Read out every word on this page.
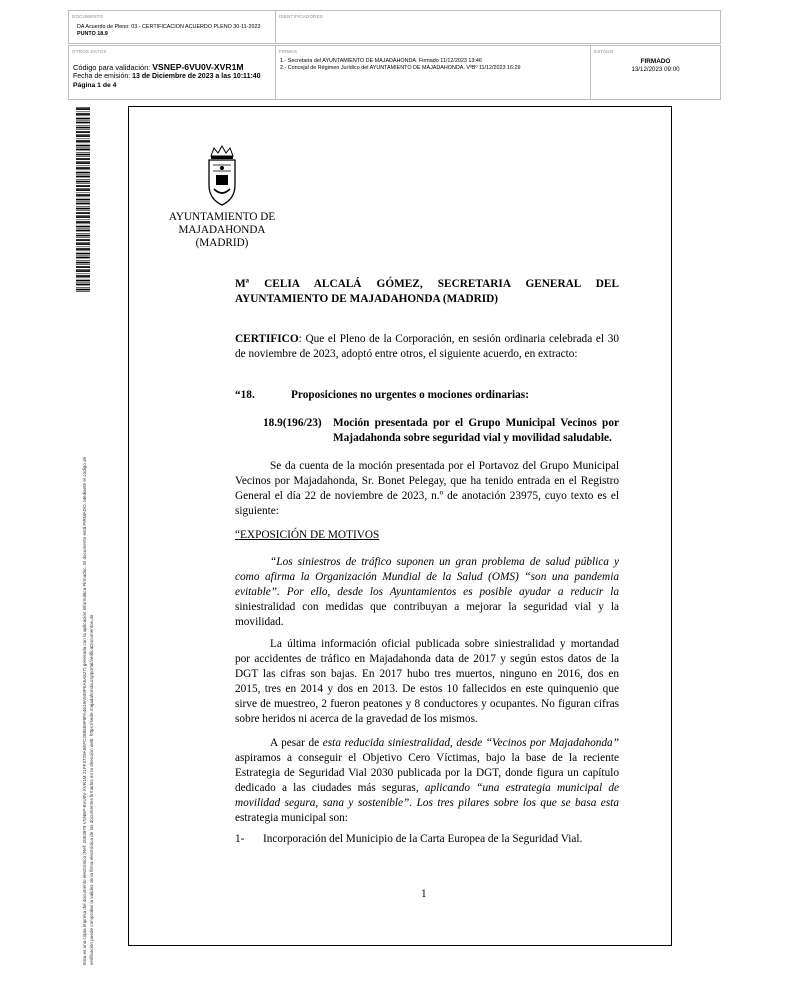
DOCUMENTO
DA Acuerdo de Pleno: 03.- CERTIFICACION ACUERDO PLENO 30-11-2023
PUNTO 18.9
IDENTIFICADORES
OTROS DATOS
Código para validación: VSNEP-6VU0V-XVR1M
Fecha de emisión: 13 de Diciembre de 2023 a las 10:11:40
Página 1 de 4
FIRMAS
1.- Secretaria del AYUNTAMIENTO DE MAJADAHONDA. Firmado 11/12/2023 13:46
2.- Concejal de Régimen Jurídico del AYUNTAMIENTO DE MAJADAHONDA. VºBº 11/12/2023 16:29
ESTADO
FIRMADO
13/12/2023 09:00
Esta es una copia impresa del documento electrónico (Ref: 2053979 VSNEP-6VU0V-XVR1M 21FF3729A5EFC288559F9FA4619A539FEA5A527) generada con la aplicación informática Firmadoc. El documento está FIRMADO. Mediante el código de verificación puede comprobar la validez de la firma electrónica de los documentos firmados en la dirección web: https://sede.majadahonda.org/portal/verificaDocumentos.do
AYUNTAMIENTO DE
MAJADAHONDA
(MADRID)
Mª CELIA ALCALÁ GÓMEZ, SECRETARIA GENERAL DEL
AYUNTAMIENTO DE MAJADAHONDA (MADRID)
CERTIFICO: Que el Pleno de la Corporación, en sesión ordinaria celebrada el 30
de noviembre de 2023, adoptó entre otros, el siguiente acuerdo, en extracto:
“18.	Proposiciones no urgentes o mociones ordinarias:
18.9(196/23) Moción presentada por el Grupo Municipal Vecinos por
Majadahonda sobre seguridad vial y movilidad saludable.
Se da cuenta de la moción presentada por el Portavoz del Grupo Municipal
Vecinos por Majadahonda, Sr. Bonet Pelegay, que ha tenido entrada en el Registro
General el día 22 de noviembre de 2023, n.º de anotación 23975, cuyo texto es el
siguiente:
“EXPOSICIÓN DE MOTIVOS
“Los siniestros de tráfico suponen un gran problema de salud pública y
como afirma la Organización Mundial de la Salud (OMS) “son una pandemia
evitable”. Por ello, desde los Ayuntamientos es posible ayudar a reducir la
siniestralidad con medidas que contribuyan a mejorar la seguridad vial y la
movilidad.
La última información oficial publicada sobre siniestralidad y mortandad
por accidentes de tráfico en Majadahonda data de 2017 y según estos datos de la
DGT las cifras son bajas. En 2017 hubo tres muertos, ninguno en 2016, dos en
2015, tres en 2014 y dos en 2013. De estos 10 fallecidos en este quinquenio que
sirve de muestreo, 2 fueron peatones y 8 conductores y ocupantes. No figuran cifras
sobre heridos ni acerca de la gravedad de los mismos.
A pesar de esta reducida siniestralidad, desde “Vecinos por Majadahonda”
aspiramos a conseguir el Objetivo Cero Víctimas, bajo la base de la reciente
Estrategia de Seguridad Vial 2030 publicada por la DGT, donde figura un capítulo
dedicado a las ciudades más seguras, aplicando “una estrategia municipal de
movilidad segura, sana y sostenible”. Los tres pilares sobre los que se basa esta
estrategia municipal son:
1- Incorporación del Municipio de la Carta Europea de la Seguridad Vial.
1
